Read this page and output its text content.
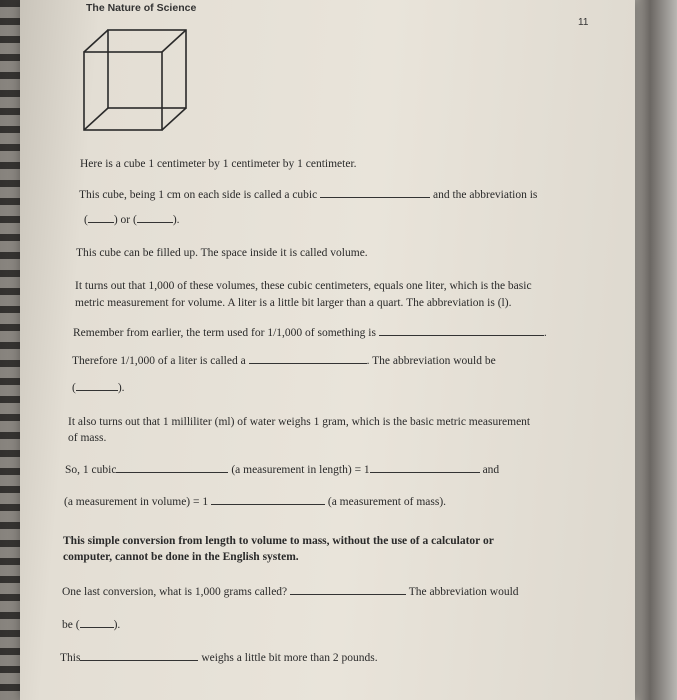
The Nature of Science
11
Here is a cube 1 centimeter by 1 centimeter by 1 centimeter.
This cube, being 1 cm on each side is called a cubic	and the abbreviation is
( ) or (	).
This cube can be filled up. The space inside it is called volume.
It turns out that 1,000 of these volumes, these cubic centimeters, equals one liter, which is the basic
metric measurement for volume. A liter is a little bit larger than a quart. The abbreviation is (l).
Remember from earlier, the term used for 1/1,000 of something is	.
Therefore 1/1,000 of a liter is called a	. The abbreviation would be
(	).
It also turns out that 1 milliliter (ml) of water weighs 1 gram, which is the basic metric measurement
of mass.
So, 1 cubic	(a measurement in length) = 1	and
(a measurement in volume) = 1	(a measurement of mass).
This simple conversion from length to volume to mass, without the use of a calculator or
computer, cannot be done in the English system.
One last conversion, what is 1,000 grams called?	The abbreviation would
be (	).
This	weighs a little bit more than 2 pounds.
